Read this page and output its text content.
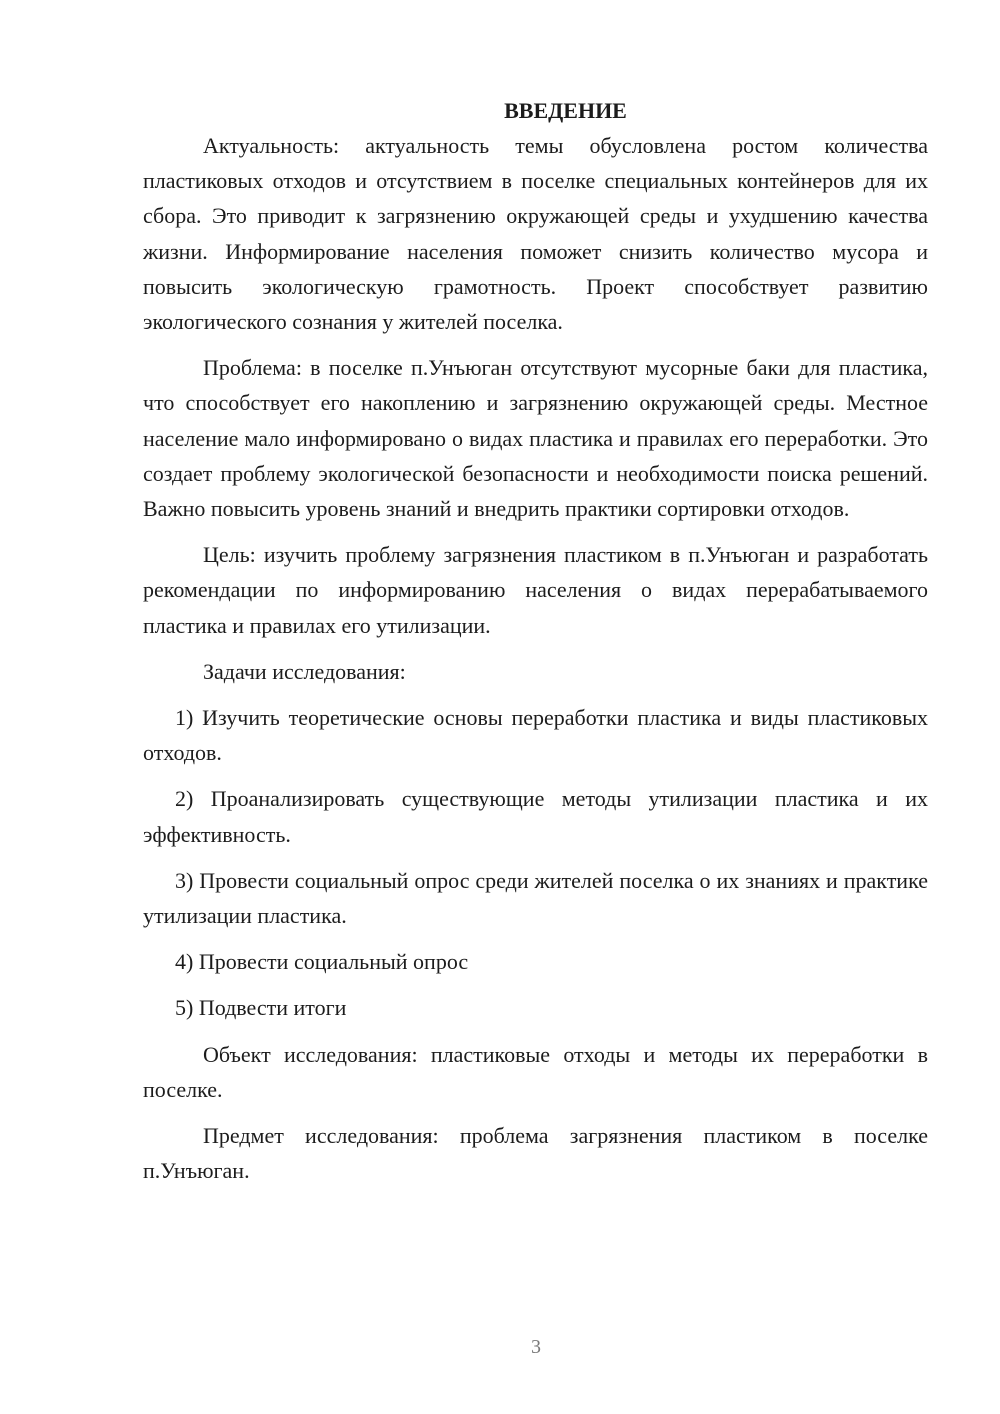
ВВЕДЕНИЕ

Актуальность: актуальность темы обусловлена ростом количества пластиковых отходов и отсутствием в поселке специальных контейнеров для их сбора. Это приводит к загрязнению окружающей среды и ухудшению качества жизни. Информирование населения поможет снизить количество мусора и повысить экологическую грамотность. Проект способствует развитию экологического сознания у жителей поселка.

Проблема: в поселке п.Унъюган отсутствуют мусорные баки для пластика, что способствует его накоплению и загрязнению окружающей среды. Местное население мало информировано о видах пластика и правилах его переработки. Это создает проблему экологической безопасности и необходимости поиска решений. Важно повысить уровень знаний и внедрить практики сортировки отходов.

Цель: изучить проблему загрязнения пластиком в п.Унъюган и разработать рекомендации по информированию населения о видах перерабатываемого пластика и правилах его утилизации.

Задачи исследования:

1) Изучить теоретические основы переработки пластика и виды пластиковых отходов.

2) Проанализировать существующие методы утилизации пластика и их эффективность.

3) Провести социальный опрос среди жителей поселка о их знаниях и практике утилизации пластика.

4) Провести социальный опрос

5) Подвести итоги

Объект исследования: пластиковые отходы и методы их переработки в поселке.

Предмет исследования: проблема загрязнения пластиком в поселке п.Унъюган.

3
